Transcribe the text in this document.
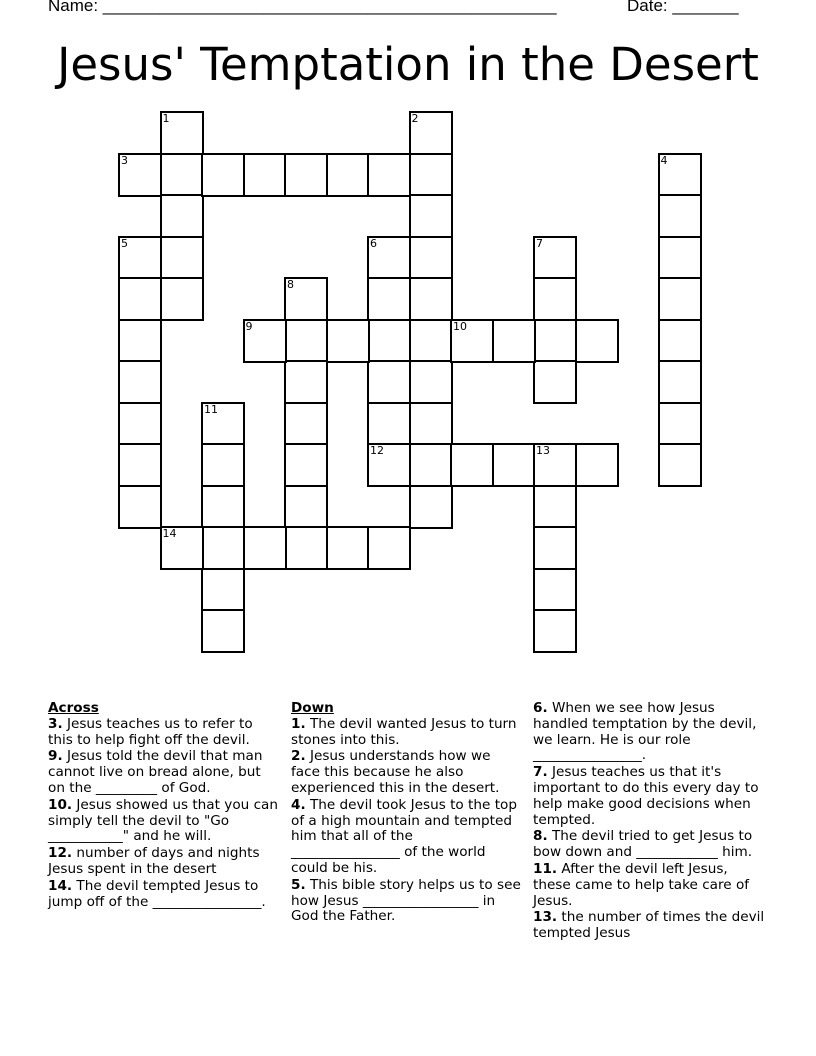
Name: ________________________________________________	Date: _______
Jesus' Temptation in the Desert
1	2
3	4
5	6	7
8
9	10
11
12	13
14
Across
3. Jesus teaches us to refer to this to help fight off the devil.
9. Jesus told the devil that man cannot live on bread alone, but on the _________ of God.
10. Jesus showed us that you can simply tell the devil to "Go ___________" and he will.
12. number of days and nights Jesus spent in the desert
14. The devil tempted Jesus to jump off of the ________________.
Down
1. The devil wanted Jesus to turn stones into this.
2. Jesus understands how we face this because he also experienced this in the desert.
4. The devil took Jesus to the top of a high mountain and tempted him that all of the ________________ of the world could be his.
5. This bible story helps us to see how Jesus _________________ in God the Father.
6. When we see how Jesus handled temptation by the devil, we learn. He is our role ________________.
7. Jesus teaches us that it's important to do this every day to help make good decisions when tempted.
8. The devil tried to get Jesus to bow down and ____________ him.
11. After the devil left Jesus, these came to help take care of Jesus.
13. the number of times the devil tempted Jesus
